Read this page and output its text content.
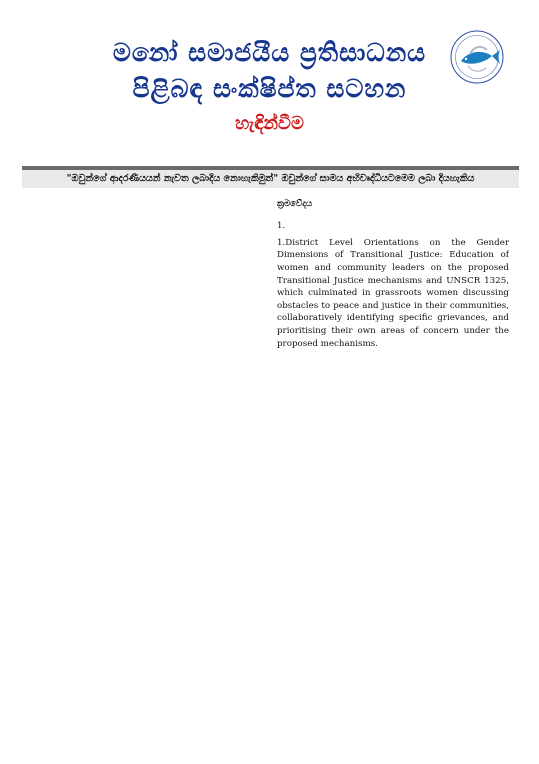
මනෝ සමාජයීය ප්‍රතිසාධනය
පිළිබඳ සංක්ෂිප්ත සටහන
හැඳින්වීම
"ඔවුන්ගේ ආදරණීයයන් නැවත ලබාදිය නොහැකිමුත්" ඔවුන්ගේ සාමය අභිවෘද්ධියටමෙම ලබා දියහැකිය
ක්‍රමවේදය
1.
1.District Level Orientations on the Gender Dimensions of Transitional Justice: Education of women and community leaders on the proposed Transitional Justice mechanisms and UNSCR 1325, which culminated in grassroots women discussing obstacles to peace and justice in their communities, collaboratively identifying specific grievances, and prioritising their own areas of concern under the proposed mechanisms.
